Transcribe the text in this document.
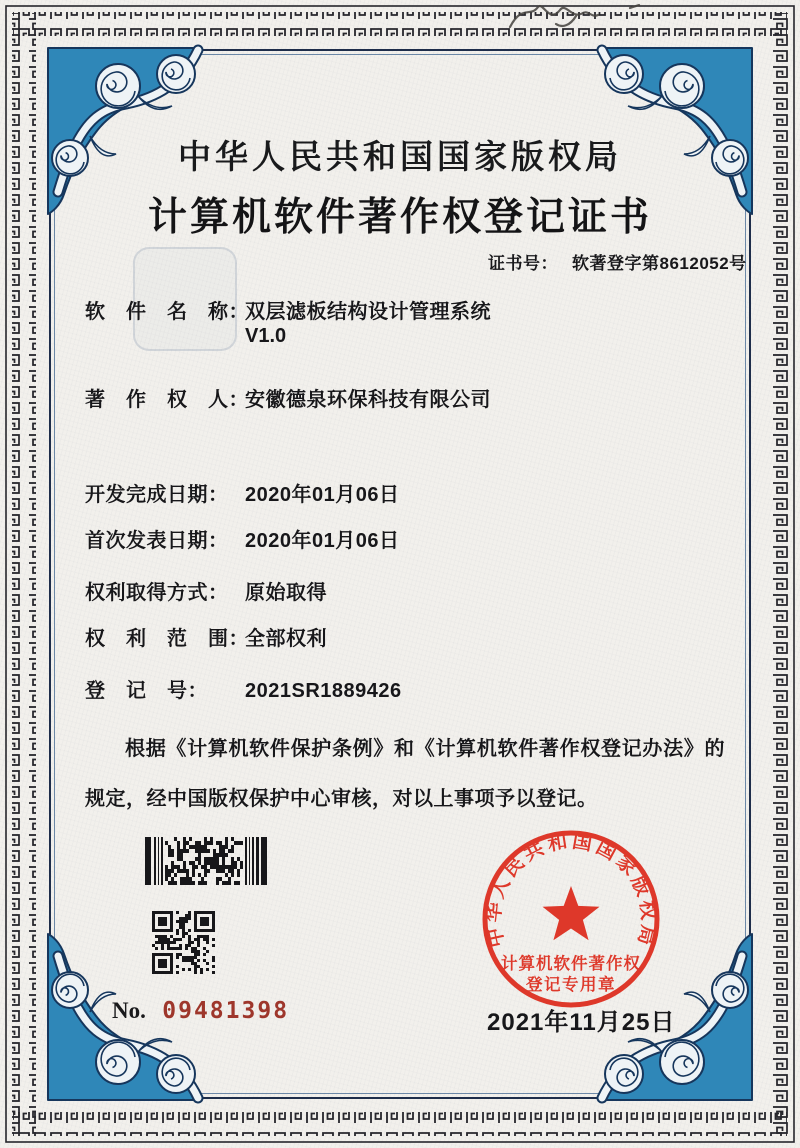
中华人民共和国国家版权局
计算机软件著作权登记证书
证书号： 软著登字第8612052号
软　件　名　称：双层滤板结构设计管理系统
V1.0
著　作　权　人：安徽德泉环保科技有限公司
开发完成日期： 2020年01月06日
首次发表日期： 2020年01月06日
权利取得方式： 原始取得
权　利　范　围：全部权利
登　记　号： 2021SR1889426
根据《计算机软件保护条例》和《计算机软件著作权登记办法》的规定，经中国版权保护中心审核，对以上事项予以登记。
No. 09481398
中华人民共和国国家版权局
计算机软件著作权
登记专用章
2021年11月25日
